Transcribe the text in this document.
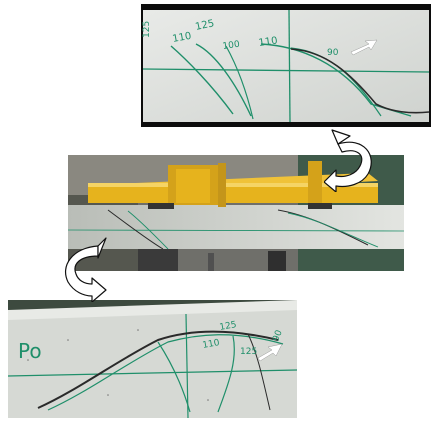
110
125
100 110
90
125
Po	110
125
125
90
